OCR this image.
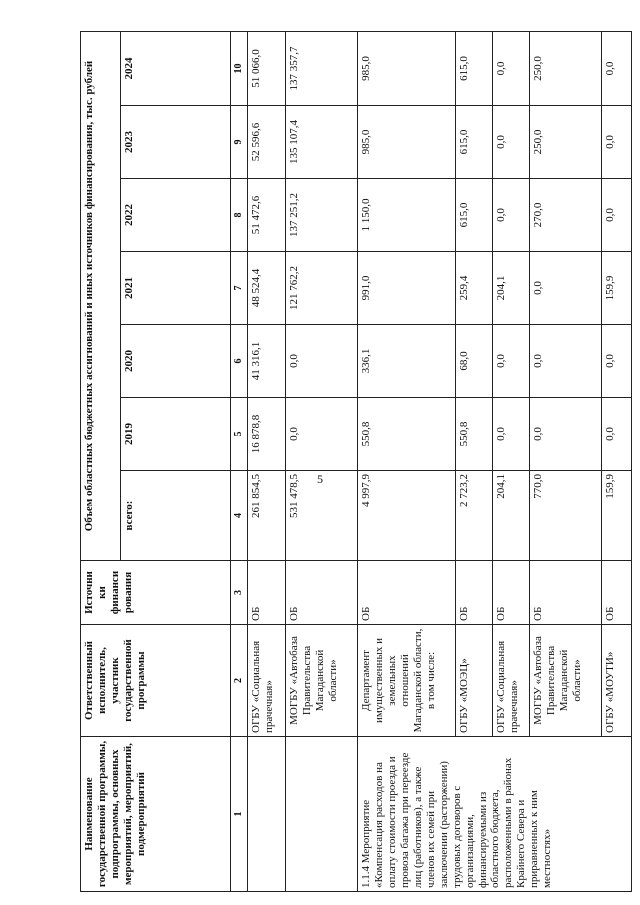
5
Наименование государственной программы, подпрограммы, основных мероприятий, мероприятий, подмероприятий	Ответственный исполнитель, участник государственной программы	Источни ки финанси рования	Объем областных бюджетных ассигнований и иных источников финансирования, тыс. рублей						
			всего:	2019	2020	2021	2022	2023	2024
1	2	3	4	5	6	7	8	9	10
	ОГБУ «Социальная прачечная»	ОБ	261 854,5	16 878,8	41 316,1	48 524,4	51 472,6	52 596,6	51 066,0
	МОГБУ «Автобаза Правительства Магаданской области»	ОБ	531 478,5	0,0	0,0	121 762,2	137 251,2	135 107,4	137 357,7
1.1.4 Мероприятие «Компенсация расходов на оплату стоимости проезда и провоза багажа при переезде лиц (работников), а также членов их семей при заключении (расторжении) трудовых договоров с организациями, финансируемыми из областного бюджета, расположенными в районах Крайнего Севера и приравненных к ним местностях»	Департамент имущественных и земельных отношений Магаданской области, в том числе:	ОБ	4 997,9	550,8	336,1	991,0	1 150,0	985,0	985,0
	ОГБУ «МОЭЦ»	ОБ	2 723,2	550,8	68,0	259,4	615,0	615,0	615,0
	ОГБУ «Социальная прачечная»	ОБ	204,1	0,0	0,0	204,1	0,0	0,0	0,0
	МОГБУ «Автобаза Правительства Магаданской области»	ОБ	770,0	0,0	0,0	0,0	270,0	250,0	250,0
	ОГБУ «МОУТИ»	ОБ	159,9	0,0	0,0	159,9	0,0	0,0	0,0
